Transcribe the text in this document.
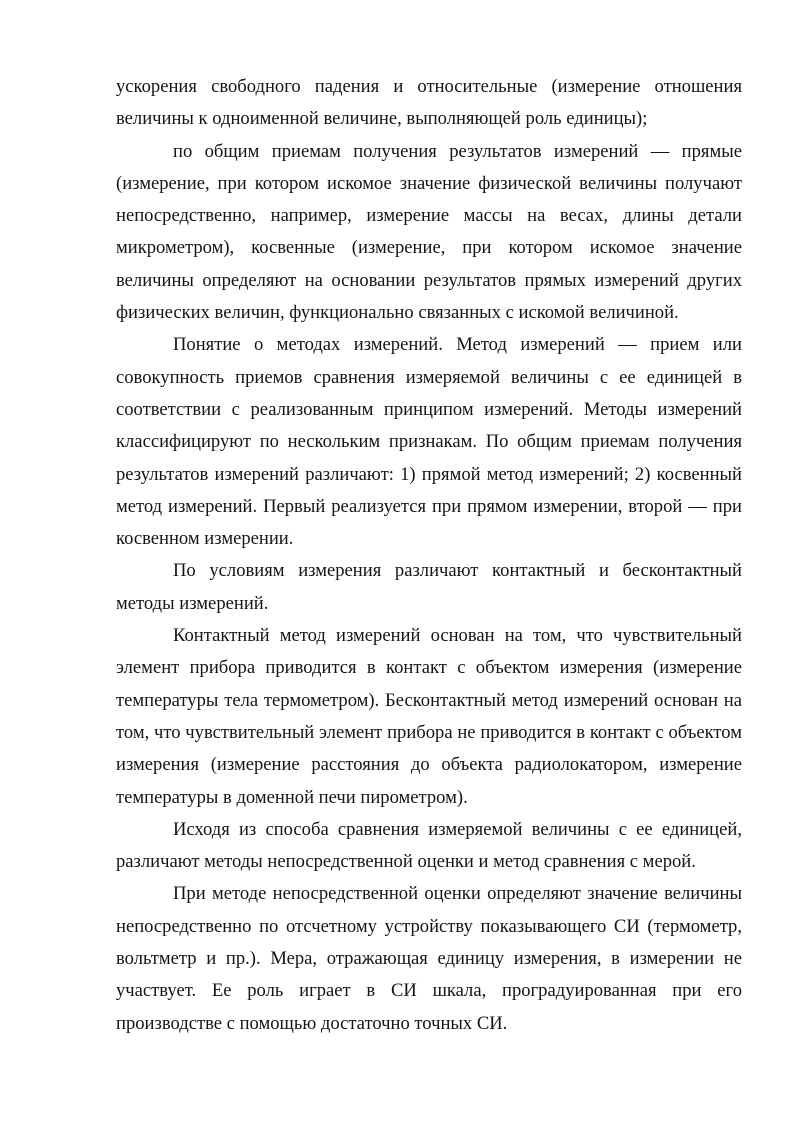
ускорения свободного падения и относительные (измерение отношения величины к одноименной величине, выполняющей роль единицы);

по общим приемам получения результатов измерений — прямые (измерение, при котором искомое значение физической величины получают непосредственно, например, измерение массы на весах, длины детали микрометром), косвенные (измерение, при котором искомое значение величины определяют на основании результатов прямых измерений других физических величин, функционально связанных с искомой величиной.

Понятие о методах измерений. Метод измерений — прием или совокупность приемов сравнения измеряемой величины с ее единицей в соответствии с реализованным принципом измерений. Методы измерений классифицируют по нескольким признакам. По общим приемам получения результатов измерений различают: 1) прямой метод измерений; 2) косвенный метод измерений. Первый реализуется при прямом измерении, второй — при косвенном измерении.

По условиям измерения различают контактный и бесконтактный методы измерений.

Контактный метод измерений основан на том, что чувствительный элемент прибора приводится в контакт с объектом измерения (измерение температуры тела термометром). Бесконтактный метод измерений основан на том, что чувствительный элемент прибора не приводится в контакт с объектом измерения (измерение расстояния до объекта радиолокатором, измерение температуры в доменной печи пирометром).

Исходя из способа сравнения измеряемой величины с ее единицей, различают методы непосредственной оценки и метод сравнения с мерой.

При методе непосредственной оценки определяют значение величины непосредственно по отсчетному устройству показывающего СИ (термометр, вольтметр и пр.). Мера, отражающая единицу измерения, в измерении не участвует. Ее роль играет в СИ шкала, проградуированная при его производстве с помощью достаточно точных СИ.
